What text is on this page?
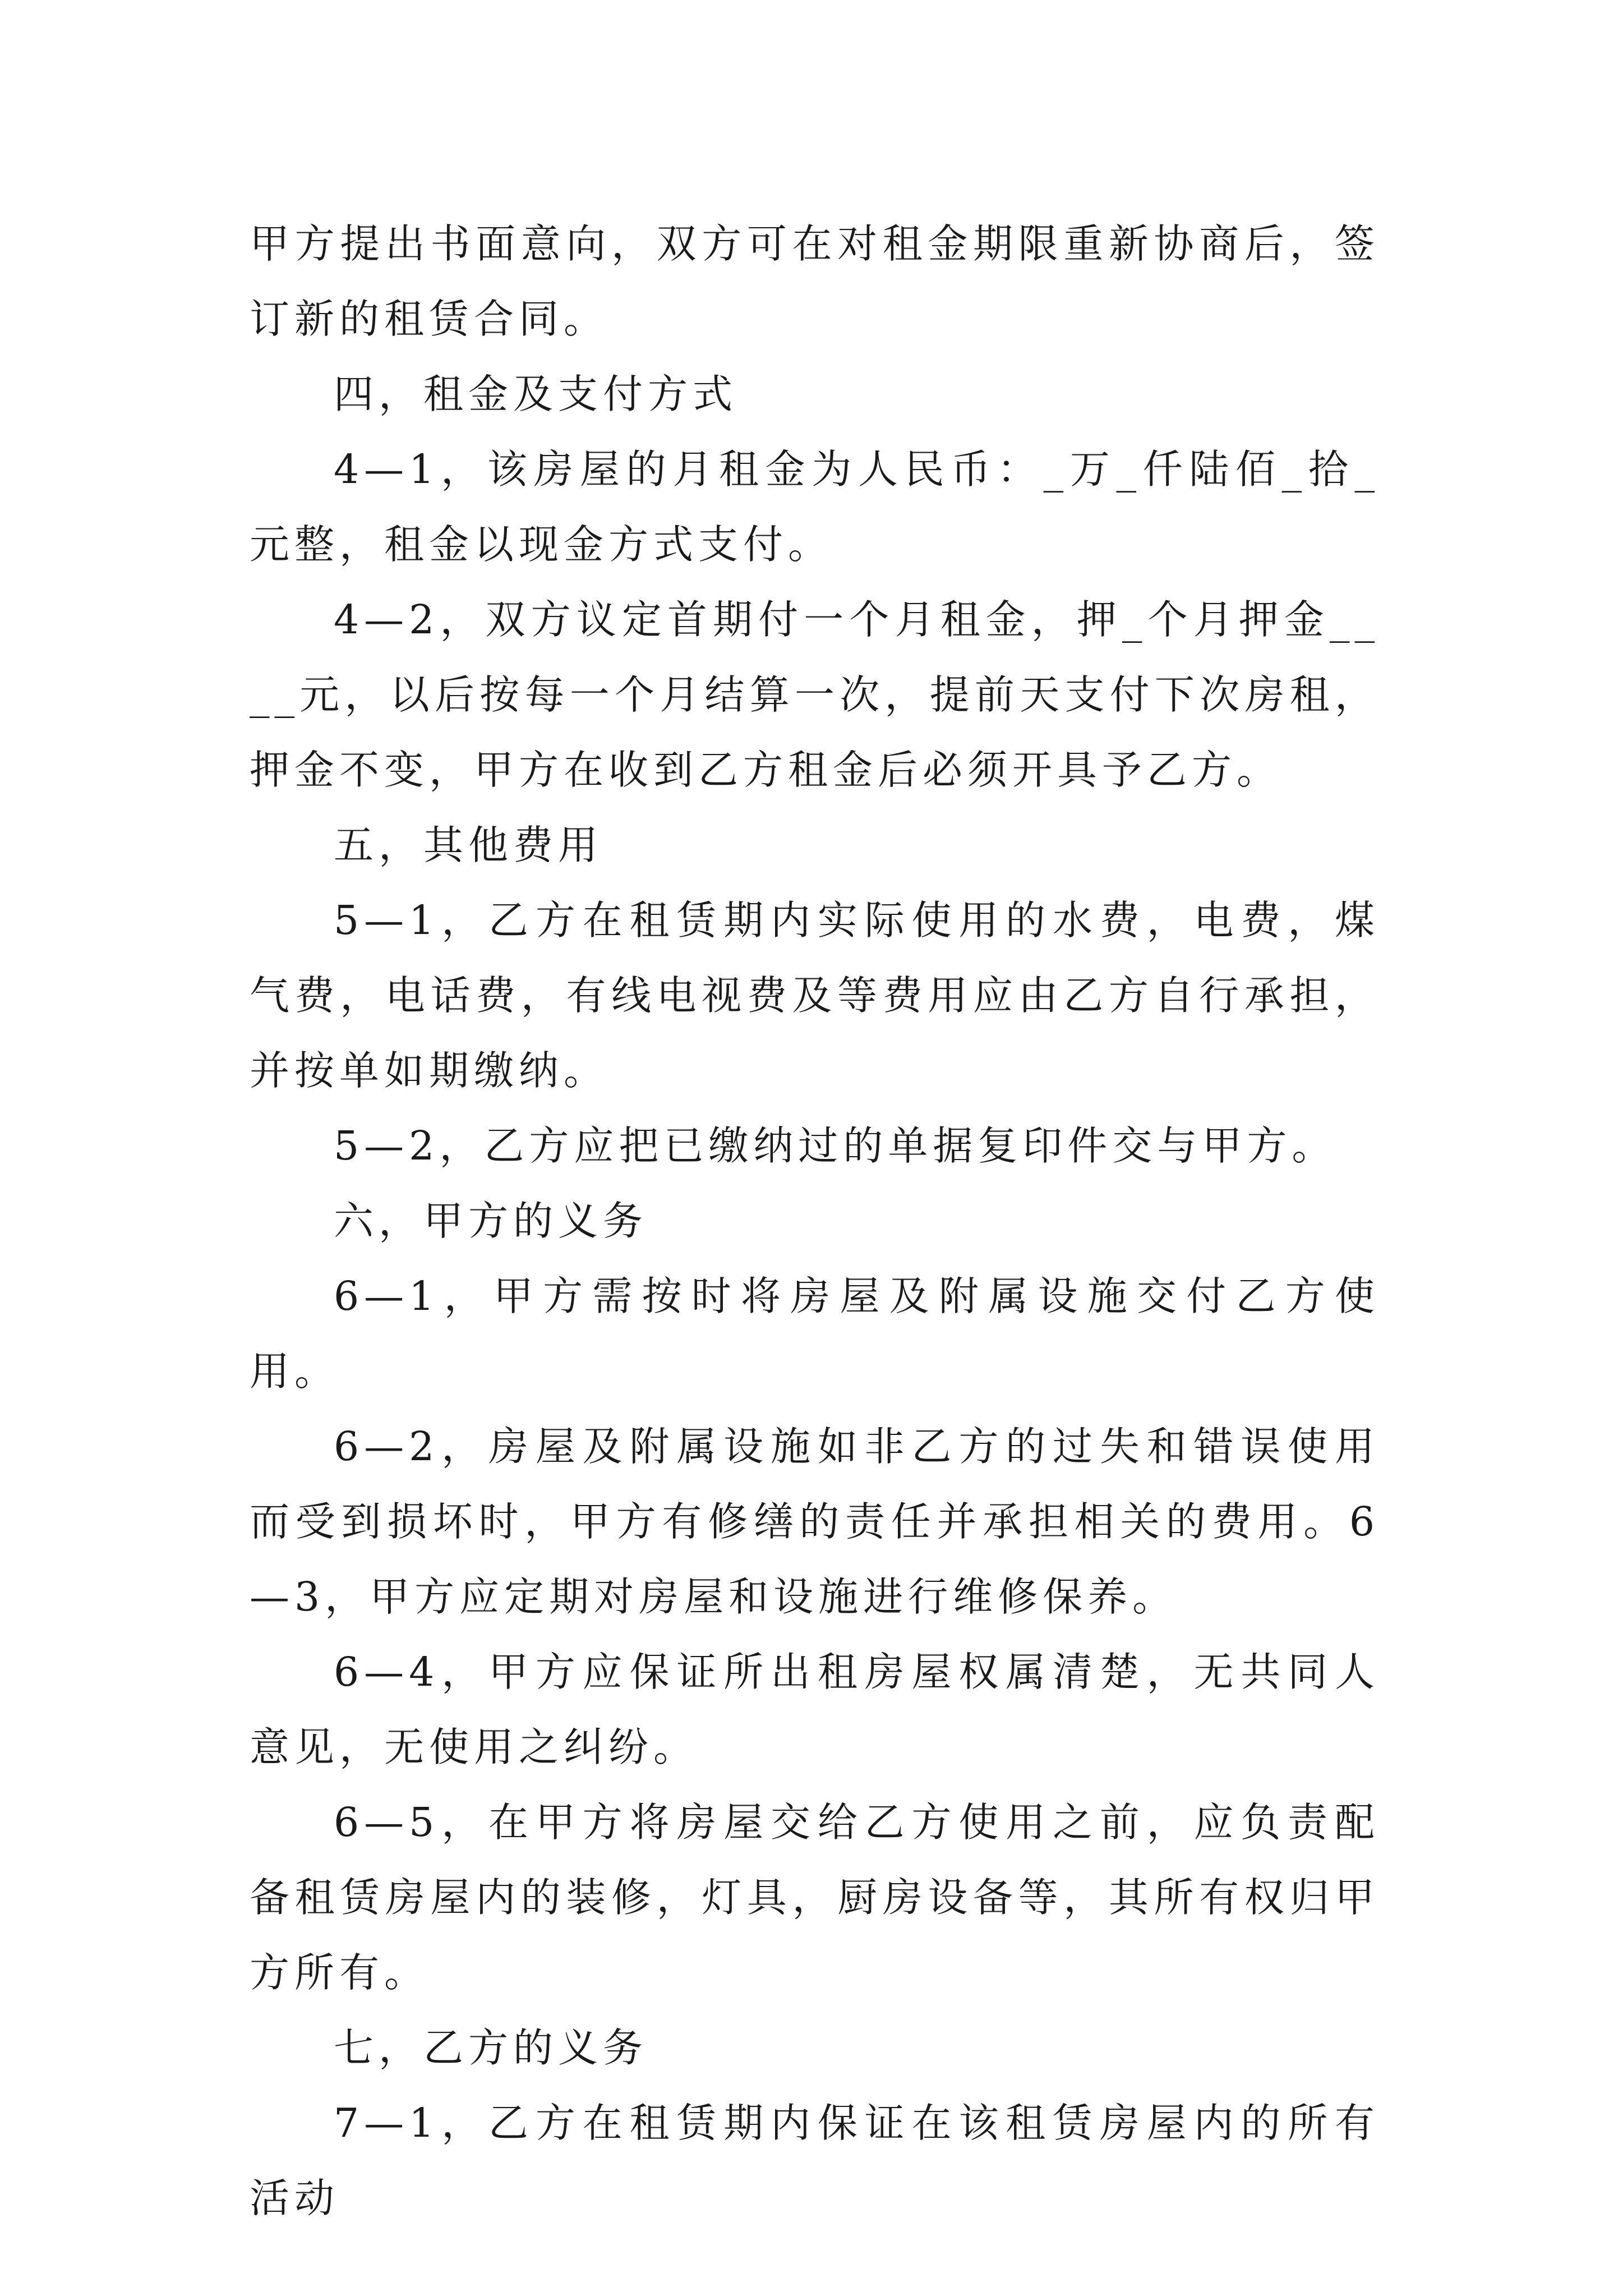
甲方提出书面意向，双方可在对租金期限重新协商后，签订新的租赁合同。

四，租金及支付方式

4—1，该房屋的月租金为人民币：_万_仟陆佰_拾_元整，租金以现金方式支付。

4—2，双方议定首期付一个月租金，押_个月押金____元，以后按每一个月结算一次，提前天支付下次房租，押金不变，甲方在收到乙方租金后必须开具予乙方。

五，其他费用

5—1，乙方在租赁期内实际使用的水费，电费，煤气费，电话费，有线电视费及等费用应由乙方自行承担，并按单如期缴纳。

5—2，乙方应把已缴纳过的单据复印件交与甲方。

六，甲方的义务

6—1，甲方需按时将房屋及附属设施交付乙方使用。

6—2，房屋及附属设施如非乙方的过失和错误使用而受到损坏时，甲方有修缮的责任并承担相关的费用。6—3，甲方应定期对房屋和设施进行维修保养。

6—4，甲方应保证所出租房屋权属清楚，无共同人意见，无使用之纠纷。

6—5，在甲方将房屋交给乙方使用之前，应负责配备租赁房屋内的装修，灯具，厨房设备等，其所有权归甲方所有。

七，乙方的义务

7—1，乙方在租赁期内保证在该租赁房屋内的所有活动
